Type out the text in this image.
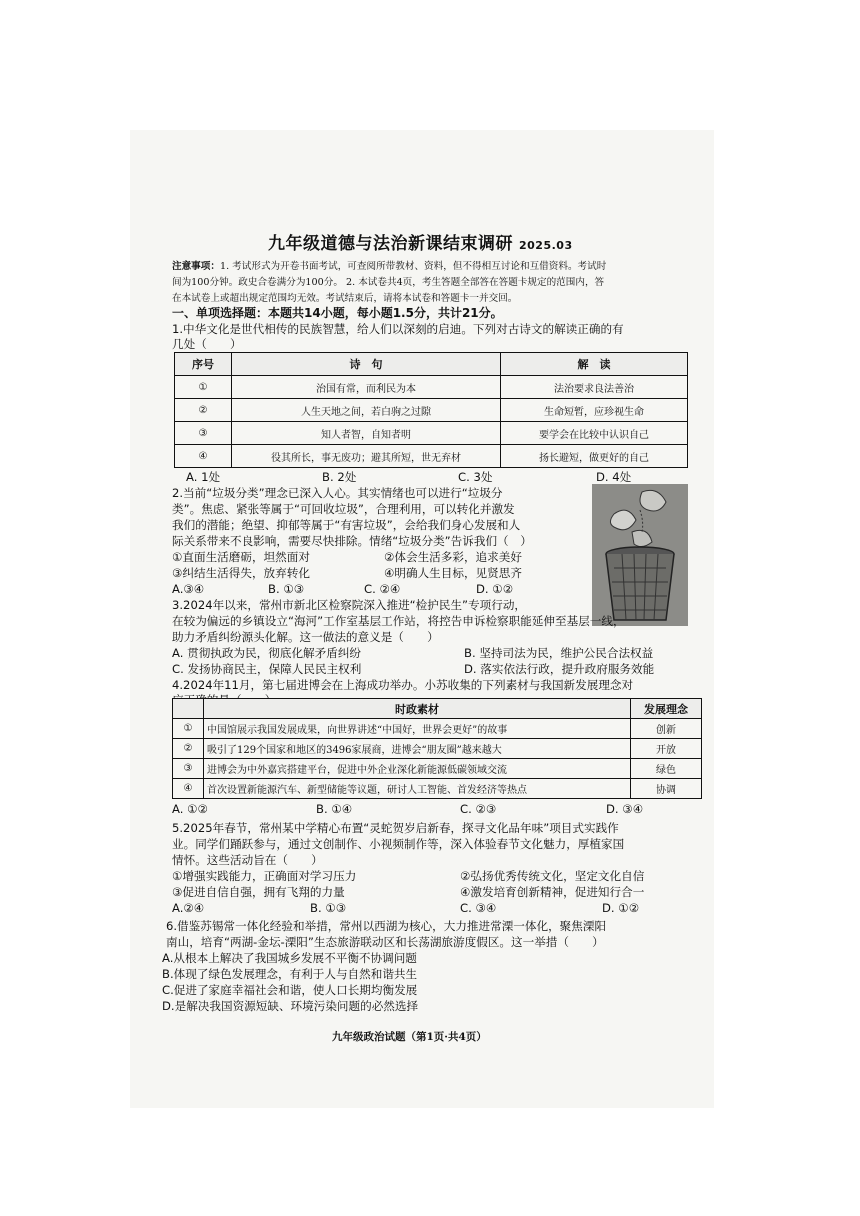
九年级道德与法治新课结束调研 2025.03
注意事项：1. 考试形式为开卷书面考试，可查阅所带教材、资料，但不得相互讨论和互借资料。考试时
间为100分钟。政史合卷满分为100分。 2. 本试卷共4页，考生答题全部答在答题卡规定的范围内，答
在本试卷上或超出规定范围均无效。考试结束后，请将本试卷和答题卡一并交回。
一、单项选择题：本题共14小题，每小题1.5分，共计21分。
1.中华文化是世代相传的民族智慧，给人们以深刻的启迪。下列对古诗文的解读正确的有
几处（　　）
序号	诗　句	解　读
①	治国有常，而利民为本	法治要求良法善治
②	人生天地之间，若白驹之过隙	生命短暂，应珍视生命
③	知人者智，自知者明	要学会在比较中认识自己
④	役其所长，事无废功；避其所短，世无弃材	扬长避短，做更好的自己
A. 1处	B. 2处	C. 3处	D. 4处
2.当前“垃圾分类”理念已深入人心。其实情绪也可以进行“垃圾分
类”。焦虑、紧张等属于“可回收垃圾”，合理利用，可以转化并激发
我们的潜能；绝望、抑郁等属于“有害垃圾”，会给我们身心发展和人
际关系带来不良影响，需要尽快排除。情绪“垃圾分类”告诉我们（　）
①直面生活磨砺，坦然面对	②体会生活多彩，追求美好
③纠结生活得失，放弃转化	④明确人生目标，见贤思齐
A.③④	B. ①③	C. ②④	D. ①②
3.2024年以来，常州市新北区检察院深入推进“检护民生”专项行动，
在较为偏远的乡镇设立“海河”工作室基层工作站，将控告申诉检察职能延伸至基层一线，
助力矛盾纠纷源头化解。这一做法的意义是（　　）
A. 贯彻执政为民，彻底化解矛盾纠纷	B. 坚持司法为民，维护公民合法权益
C. 发扬协商民主，保障人民民主权利	D. 落实依法行政，提升政府服务效能
4.2024年11月，第七届进博会在上海成功举办。小苏收集的下列素材与我国新发展理念对
	时政素材	发展理念
①	中国馆展示我国发展成果，向世界讲述“中国好，世界会更好”的故事	创新
②	吸引了129个国家和地区的3496家展商，进博会“朋友圈”越来越大	开放
③	进博会为中外嘉宾搭建平台，促进中外企业深化新能源低碳领域交流	绿色
④	首次设置新能源汽车、新型储能等议题，研讨人工智能、首发经济等热点	协调
A. ①②	B. ①④	C. ②③	D. ③④
5.2025年春节，常州某中学精心布置“灵蛇贺岁启新春，探寻文化品年味”项目式实践作
业。同学们踊跃参与，通过文创制作、小视频制作等，深入体验春节文化魅力，厚植家国
情怀。这些活动旨在（　　）
①增强实践能力，正确面对学习压力	②弘扬优秀传统文化，坚定文化自信
③促进自信自强，拥有飞翔的力量	④激发培育创新精神，促进知行合一
A.②④	B. ①③	C. ③④	D. ①②
6.借鉴苏锡常一体化经验和举措，常州以西湖为核心，大力推进常溧一体化，聚焦溧阳
南山，培育“两湖-金坛-溧阳”生态旅游联动区和长荡湖旅游度假区。这一举措（　　）
A.从根本上解决了我国城乡发展不平衡不协调问题
B.体现了绿色发展理念，有利于人与自然和谐共生
C.促进了家庭幸福社会和谐，使人口长期均衡发展
D.是解决我国资源短缺、环境污染问题的必然选择
九年级政治试题（第1页·共4页）
